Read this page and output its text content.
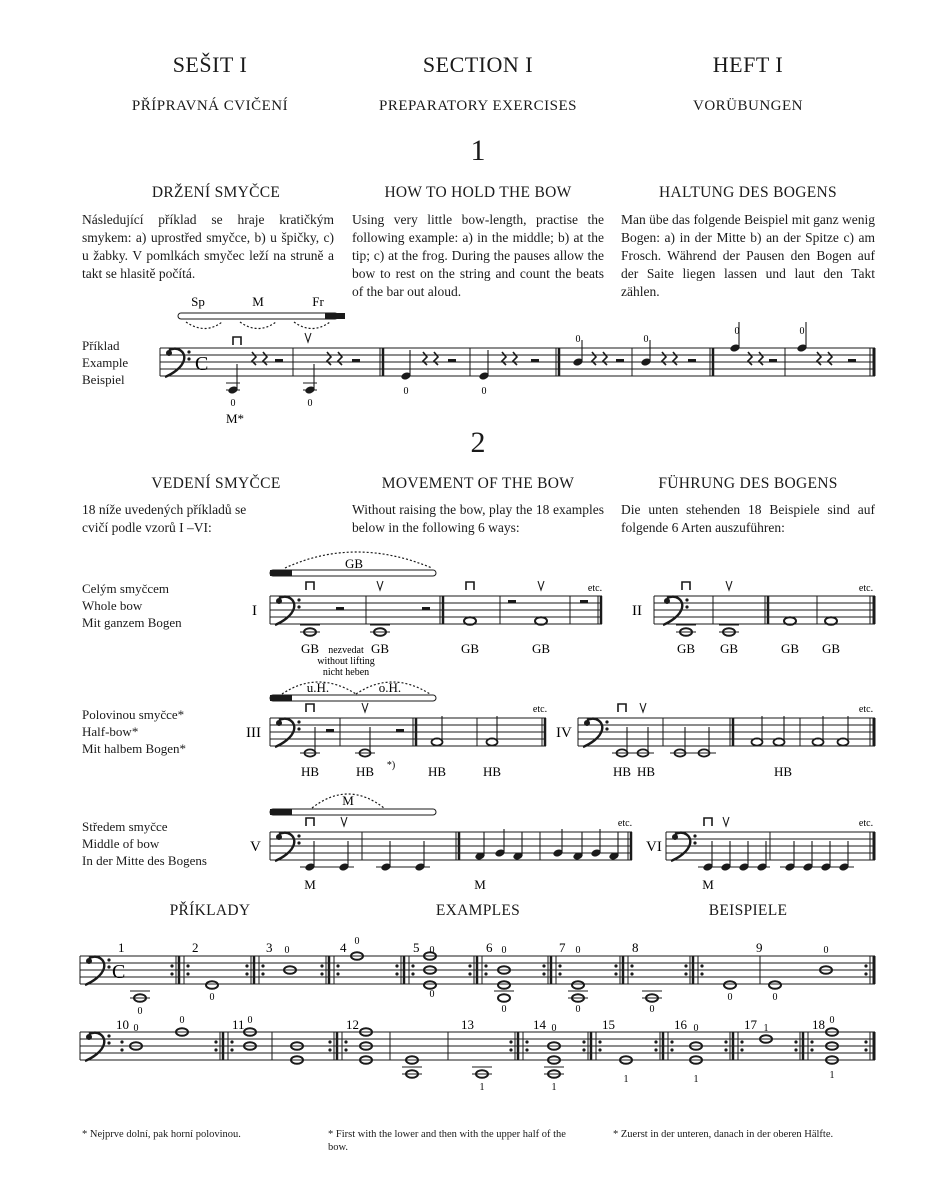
SEŠIT I	SECTION I	HEFT I
PŘÍPRAVNÁ CVIČENÍ	PREPARATORY EXERCISES	VORÜBUNGEN
1
DRŽENÍ SMYČCE	HOW TO HOLD THE BOW	HALTUNG DES BOGENS
Následující příklad se hraje kratičkým smykem: a) uprostřed smyčce, b) u špičky, c) u žabky. V pomlkách smyčec leží na struně a takt se hlasitě počítá.
Using very little bow-length, practise the following example: a) in the middle; b) at the tip; c) at the frog. During the pauses allow the bow to rest on the string and count the beats of the bar out aloud.
Man übe das folgende Beispiel mit ganz wenig Bogen: a) in der Mitte b) an der Spitze c) am Frosch. Während der Pausen den Bogen auf der Saite liegen lassen und laut den Takt zählen.
Příklad
Example
Beispiel
Sp	M	Fr
M*
C
0	0
0	0
0	0
0	0
GB
I	II
etc.	etc.
GB	GB	GB	GB	GB GB	GB GB
nezvedat
without lifting
nicht heben
u.H.	o.H.
III	IV
etc.	etc.
HB	HB	HB	HB	HB HB	HB
*)
M
V	VI
etc.	etc.
M	M	M
C
1	2	3	4	5	6	7	8	9
10	11	12	13	14	15	16	17	18
0
0
0
0
0
0
0
0
0
0	0
0	0
0
0
0	0
0	0
0
1	1
1	1
1
1
2
VEDENÍ SMYČCE	MOVEMENT OF THE BOW	FÜHRUNG DES BOGENS
18 níže uvedených příkladů se cvičí podle vzorů I –VI:
Without raising the bow, play the 18 examples below in the following 6 ways:
Die unten stehenden 18 Beispiele sind auf folgende 6 Arten auszuführen:
Celým smyčcem
Whole bow
Mit ganzem Bogen
Polovinou smyčce*
Half-bow*
Mit halbem Bogen*
Středem smyčce
Middle of bow
In der Mitte des Bogens
PŘÍKLADY	EXAMPLES	BEISPIELE
* Nejprve dolní, pak horní polovinou.	* First with the lower and then with the upper half of the bow.
* Zuerst in der unteren, danach in der oberen Hälfte.
